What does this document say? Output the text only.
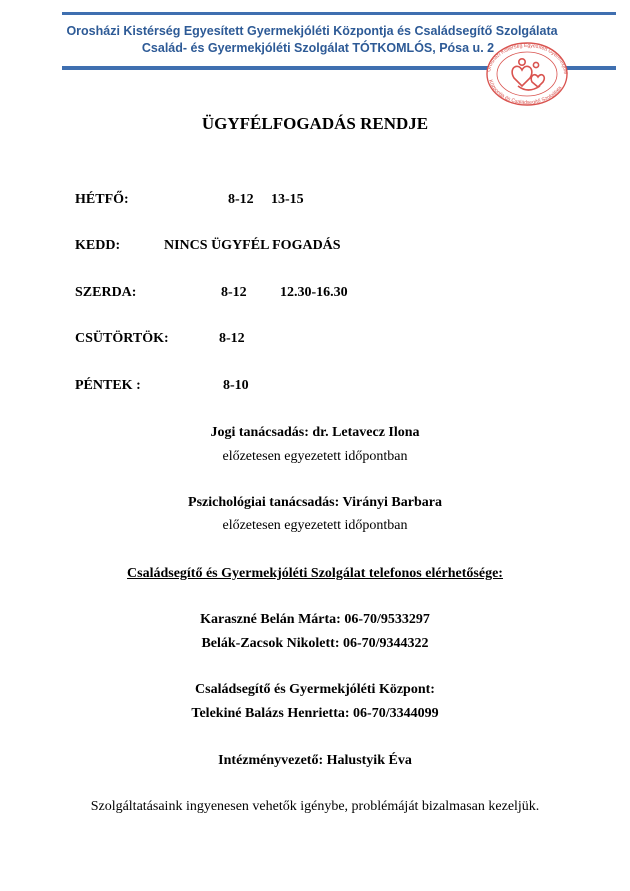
Orosházi Kistérség Egyesített Gyermekjóléti Központja és Családsegítő Szolgálata
Család- és Gyermekjóléti Szolgálat TÓTKOMLÓS, Pósa u. 2
Orosházi Kistérség Egyesített Gyermekjólé
Központja és Családsegítő Szolgálata
ÜGYFÉLFOGADÁS RENDJE
HÉTFŐ:	8-12 13-15
KEDD:	NINCS ÜGYFÉL FOGADÁS
SZERDA:	8-12 12.30-16.30
CSÜTÖRTÖK:	8-12
PÉNTEK :	8-10
Jogi tanácsadás: dr. Letavecz Ilona
előzetesen egyezetett időpontban
Pszichológiai tanácsadás: Virányi Barbara
előzetesen egyezetett időpontban
Családsegítő és Gyermekjóléti Szolgálat telefonos elérhetősége:
Karaszné Belán Márta: 06-70/9533297
Belák-Zacsok Nikolett: 06-70/9344322
Családsegítő és Gyermekjóléti Központ:
Telekiné Balázs Henrietta: 06-70/3344099
Intézményvezető: Halustyik Éva
Szolgáltatásaink ingyenesen vehetők igénybe, problémáját bizalmasan kezeljük.
